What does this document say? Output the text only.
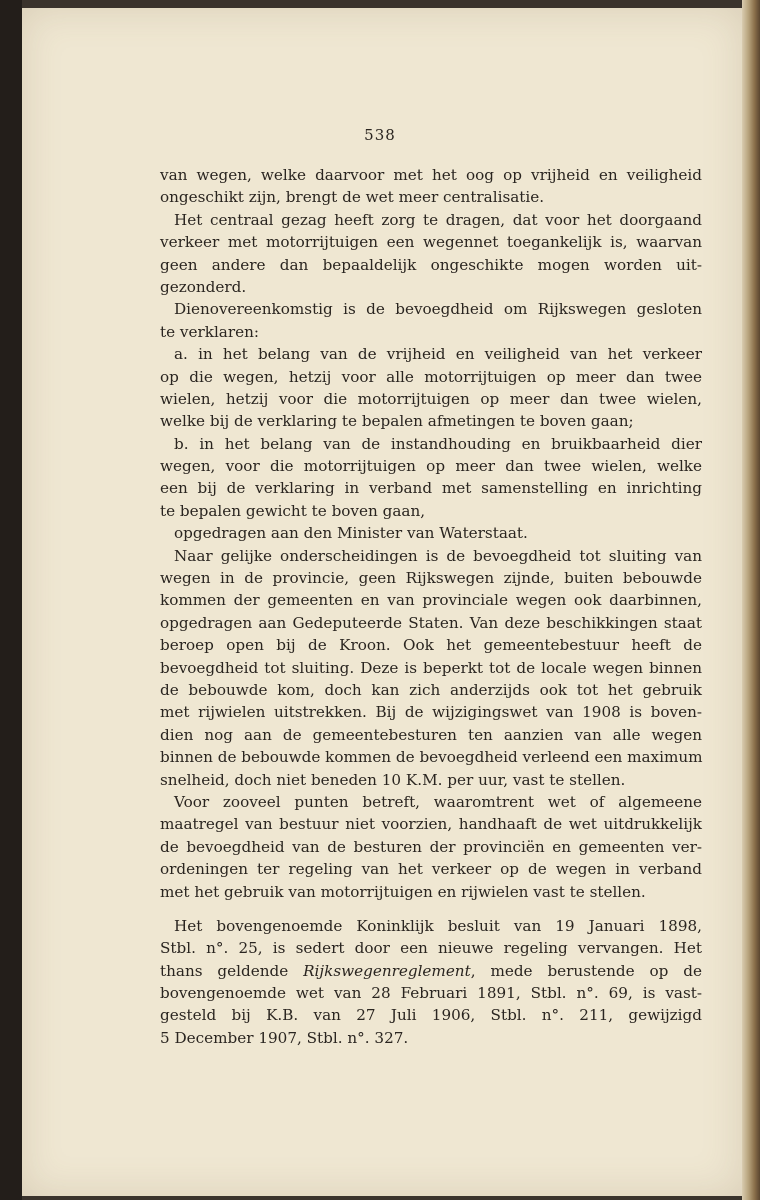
538
van wegen, welke daarvoor met het oog op vrijheid en veiligheid
ongeschikt zijn, brengt de wet meer centralisatie.
Het centraal gezag heeft zorg te dragen, dat voor het doorgaand
verkeer met motorrijtuigen een wegennet toegankelijk is, waarvan
geen andere dan bepaaldelijk ongeschikte mogen worden uit-
gezonderd.
Dienovereenkomstig is de bevoegdheid om Rijkswegen gesloten
te verklaren:
a. in het belang van de vrijheid en veiligheid van het verkeer
op die wegen, hetzij voor alle motorrijtuigen op meer dan twee
wielen, hetzij voor die motorrijtuigen op meer dan twee wielen,
welke bij de verklaring te bepalen afmetingen te boven gaan;
b. in het belang van de instandhouding en bruikbaarheid dier
wegen, voor die motorrijtuigen op meer dan twee wielen, welke
een bij de verklaring in verband met samenstelling en inrichting
te bepalen gewicht te boven gaan,
opgedragen aan den Minister van Waterstaat.
Naar gelijke onderscheidingen is de bevoegdheid tot sluiting van
wegen in de provincie, geen Rijkswegen zijnde, buiten bebouwde
kommen der gemeenten en van provinciale wegen ook daarbinnen,
opgedragen aan Gedeputeerde Staten. Van deze beschikkingen staat
beroep open bij de Kroon. Ook het gemeentebestuur heeft de
bevoegdheid tot sluiting. Deze is beperkt tot de locale wegen binnen
de bebouwde kom, doch kan zich anderzijds ook tot het gebruik
met rijwielen uitstrekken. Bij de wijzigingswet van 1908 is boven-
dien nog aan de gemeentebesturen ten aanzien van alle wegen
binnen de bebouwde kommen de bevoegdheid verleend een maximum
snelheid, doch niet beneden 10 K.M. per uur, vast te stellen.
Voor zooveel punten betreft, waaromtrent wet of algemeene
maatregel van bestuur niet voorzien, handhaaft de wet uitdrukkelijk
de bevoegdheid van de besturen der provinciën en gemeenten ver-
ordeningen ter regeling van het verkeer op de wegen in verband
met het gebruik van motorrijtuigen en rijwielen vast te stellen.
Het bovengenoemde Koninklijk besluit van 19 Januari 1898,
Stbl. n°. 25, is sedert door een nieuwe regeling vervangen. Het
thans geldende Rijkswegenreglement, mede berustende op de
bovengenoemde wet van 28 Februari 1891, Stbl. n°. 69, is vast-
gesteld bij K.B. van 27 Juli 1906, Stbl. n°. 211, gewijzigd
5 December 1907, Stbl. n°. 327.
